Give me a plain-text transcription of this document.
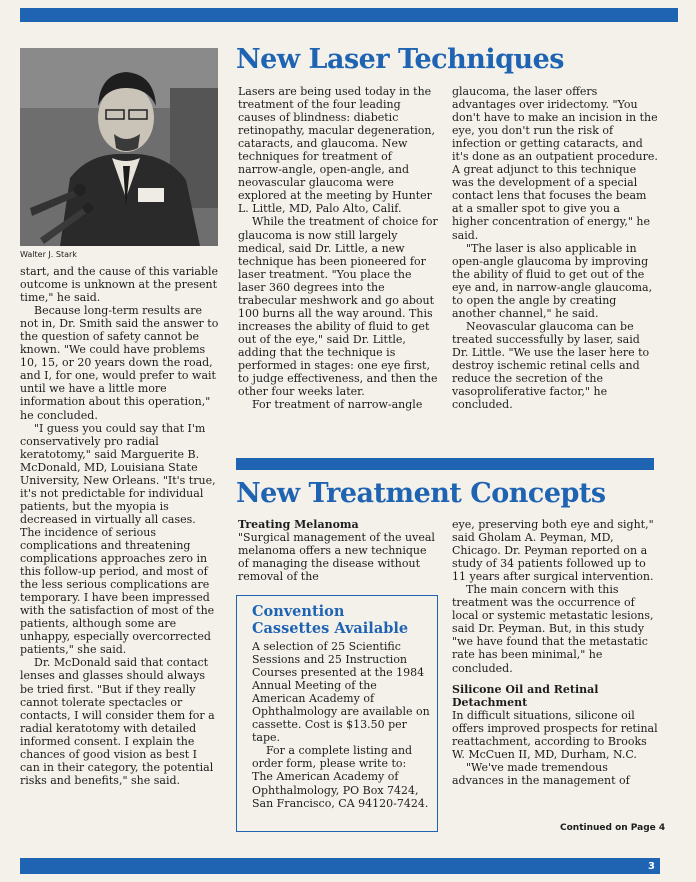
Walter J. Stark

start, and the cause of this variable outcome is unknown at the present time," he said.

Because long-term results are not in, Dr. Smith said the answer to the question of safety cannot be known. "We could have problems 10, 15, or 20 years down the road, and I, for one, would prefer to wait until we have a little more information about this operation," he concluded.

"I guess you could say that I'm conservatively pro radial keratotomy," said Marguerite B. McDonald, MD, Louisiana State University, New Orleans. "It's true, it's not predictable for individual patients, but the myopia is decreased in virtually all cases. The incidence of serious complications and threatening complications approaches zero in this follow-up period, and most of the less serious complications are temporary. I have been impressed with the satisfaction of most of the patients, although some are unhappy, especially overcorrected patients," she said.

Dr. McDonald said that contact lenses and glasses should always be tried first. "But if they really cannot tolerate spectacles or contacts, I will consider them for a radial keratotomy with detailed informed consent. I explain the chances of good vision as best I can in their category, the potential risks and benefits," she said.

New Laser Techniques

Lasers are being used today in the treatment of the four leading causes of blindness: diabetic retinopathy, macular degeneration, cataracts, and glaucoma. New techniques for treatment of narrow-angle, open-angle, and neovascular glaucoma were explored at the meeting by Hunter L. Little, MD, Palo Alto, Calif.

While the treatment of choice for glaucoma is now still largely medical, said Dr. Little, a new technique has been pioneered for laser treatment. "You place the laser 360 degrees into the trabecular meshwork and go about 100 burns all the way around. This increases the ability of fluid to get out of the eye," said Dr. Little, adding that the technique is performed in stages: one eye first, to judge effectiveness, and then the other four weeks later.

For treatment of narrow-angle

glaucoma, the laser offers advantages over iridectomy. "You don't have to make an incision in the eye, you don't run the risk of infection or getting cataracts, and it's done as an outpatient procedure. A great adjunct to this technique was the development of a special contact lens that focuses the beam at a smaller spot to give you a higher concentration of energy," he said.

"The laser is also applicable in open-angle glaucoma by improving the ability of fluid to get out of the eye and, in narrow-angle glaucoma, to open the angle by creating another channel," he said.

Neovascular glaucoma can be treated successfully by laser, said Dr. Little. "We use the laser here to destroy ischemic retinal cells and reduce the secretion of the vasoproliferative factor," he concluded.

New Treatment Concepts
Treating Melanoma

"Surgical management of the uveal melanoma offers a new technique of managing the disease without removal of the

Convention
Cassettes Available

A selection of 25 Scientific Sessions and 25 Instruction Courses presented at the 1984 Annual Meeting of the American Academy of Ophthalmology are available on cassette. Cost is $13.50 per tape.

For a complete listing and order form, please write to: The American Academy of Ophthalmology, PO Box 7424, San Francisco, CA 94120-7424.

eye, preserving both eye and sight," said Gholam A. Peyman, MD, Chicago. Dr. Peyman reported on a study of 34 patients followed up to 11 years after surgical intervention.

The main concern with this treatment was the occurrence of local or systemic metastatic lesions, said Dr. Peyman. But, in this study "we have found that the metastatic rate has been minimal," he concluded.

Silicone Oil and Retinal Detachment

In difficult situations, silicone oil offers improved prospects for retinal reattachment, according to Brooks W. McCuen II, MD, Durham, N.C.

"We've made tremendous advances in the management of

Continued on Page 4
3
